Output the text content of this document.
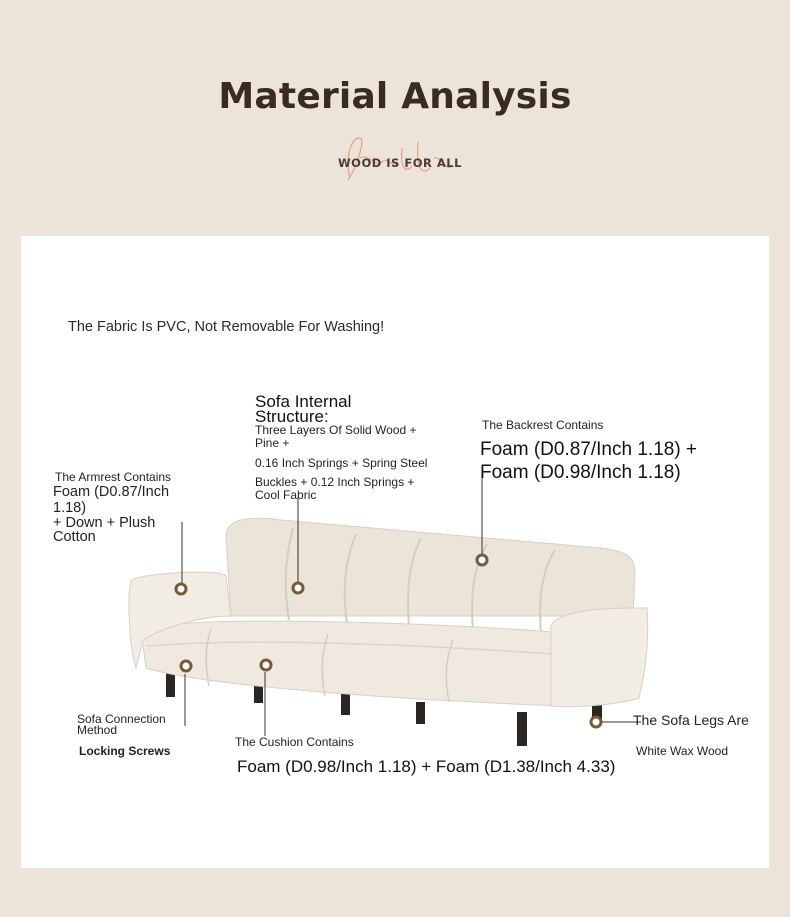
Material Analysis
WOOD IS FOR ALL
The Fabric Is PVC, Not Removable For Washing!
Sofa Internal Structure:
Three Layers Of Solid Wood + Pine +
0.16 Inch Springs + Spring Steel
Buckles + 0.12 Inch Springs + Cool Fabric
The Backrest Contains
Foam (D0.87/Inch 1.18) +
Foam (D0.98/Inch 1.18)
The Armrest Contains
Foam (D0.87/Inch 1.18)
+ Down + Plush Cotton
Sofa Connection Method
Locking Screws
The Cushion Contains
Foam (D0.98/Inch 1.18) + Foam (D1.38/Inch 4.33)
The Sofa Legs Are
White Wax Wood
